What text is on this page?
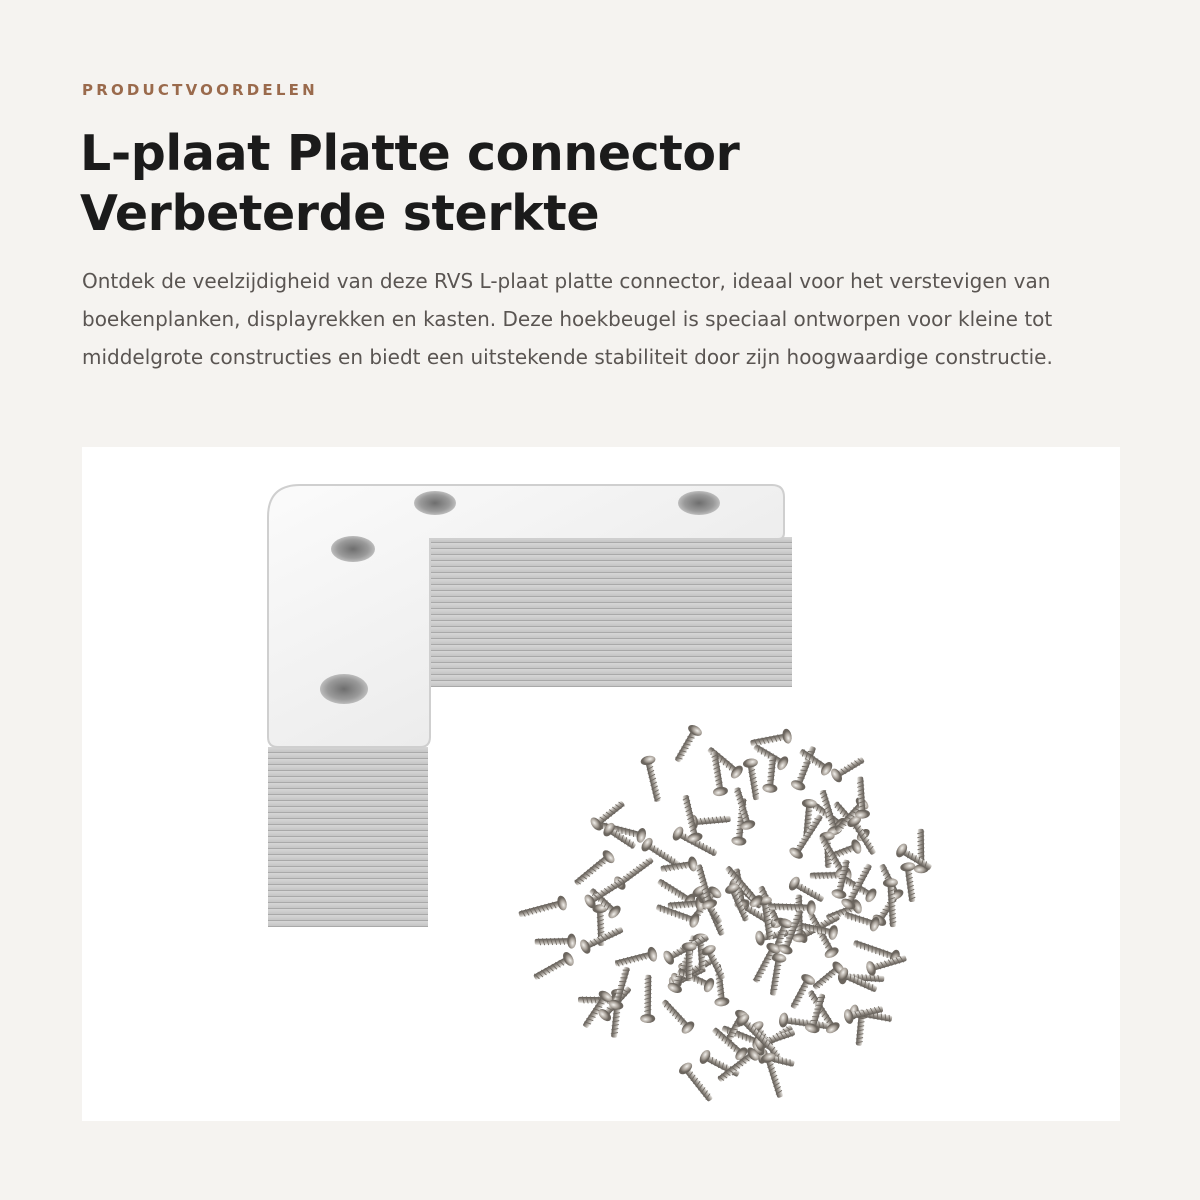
PRODUCTVOORDELEN

L-plaat Platte connector
Verbeterde sterkte

Ontdek de veelzijdigheid van deze RVS L-plaat platte connector, ideaal voor het verstevigen van boekenplanken, displayrekken en kasten. Deze hoekbeugel is speciaal ontworpen voor kleine tot middelgrote constructies en biedt een uitstekende stabiliteit door zijn hoogwaardige constructie.
